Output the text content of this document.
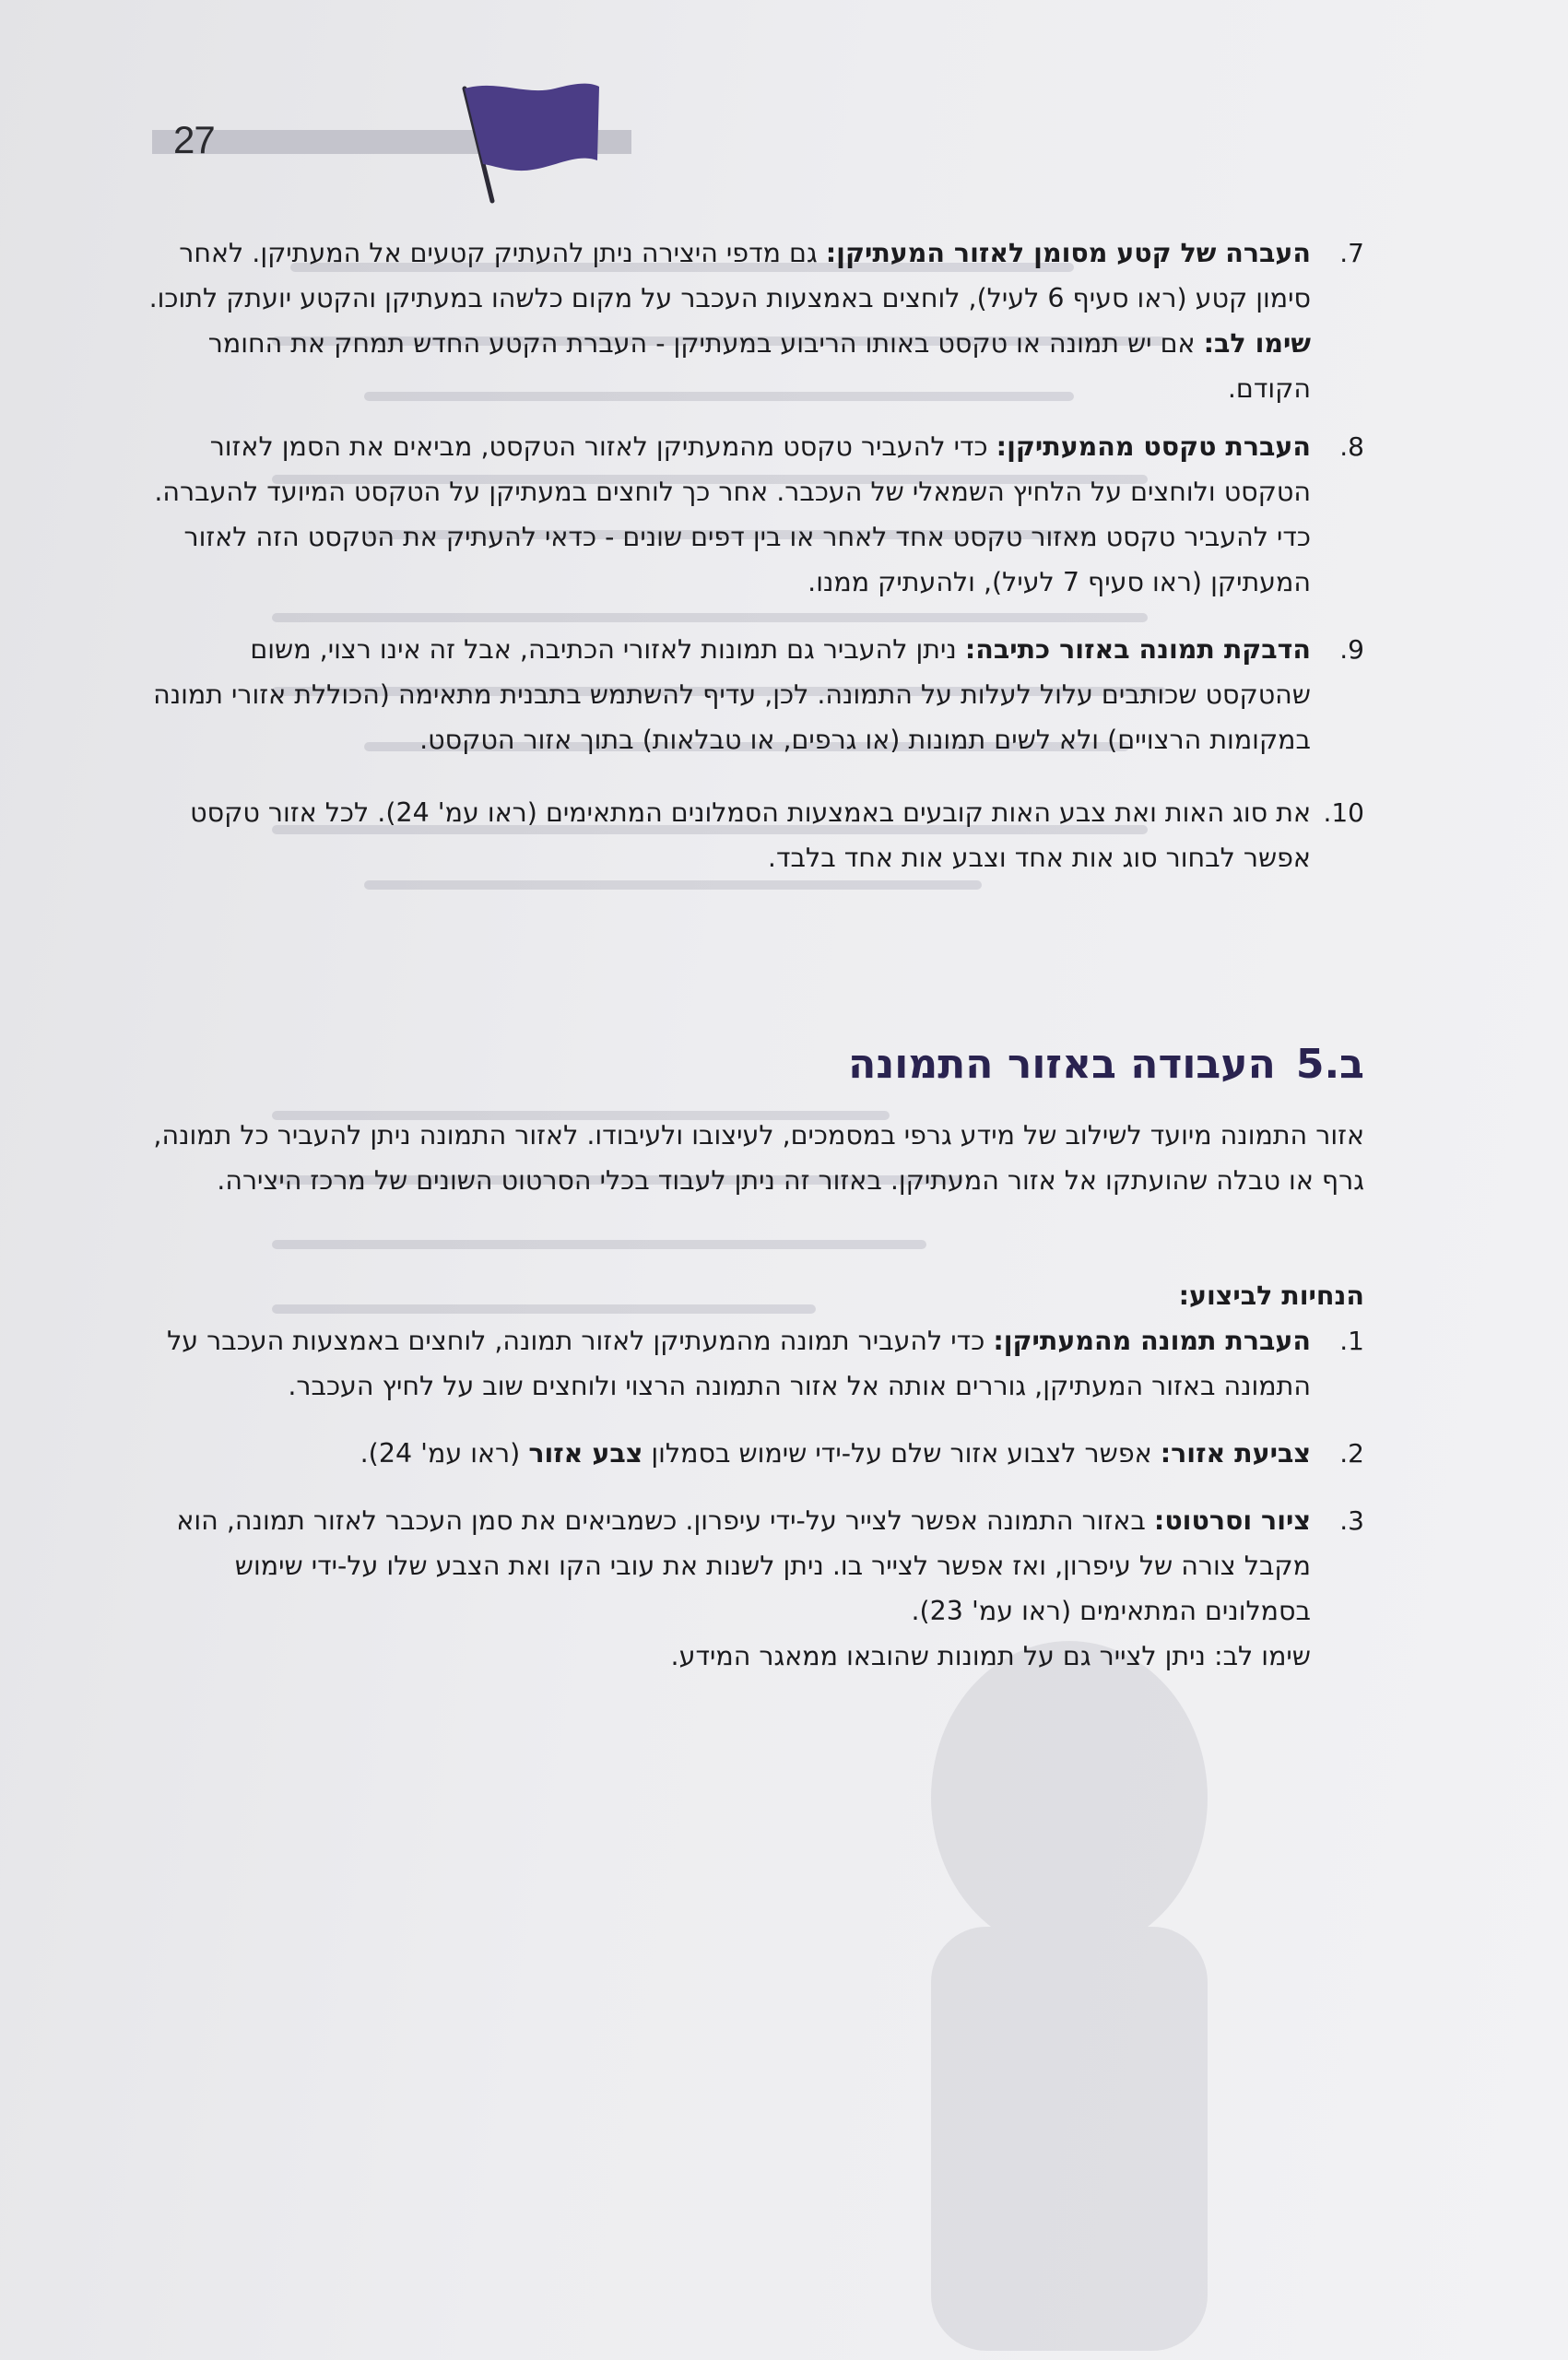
27
.7
העברה של קטע מסומן לאזור המעתיקן: גם מדפי היצירה ניתן להעתיק קטעים אל המעתיקן. לאחר סימון קטע (ראו סעיף 6 לעיל), לוחצים באמצעות העכבר על מקום כלשהו במעתיקן והקטע יועתק לתוכו.
שימו לב: אם יש תמונה או טקסט באותו הריבוע במעתיקן - העברת הקטע החדש תמחק את החומר הקודם.
.8
העברת טקסט מהמעתיקן: כדי להעביר טקסט מהמעתיקן לאזור הטקסט, מביאים את הסמן לאזור הטקסט ולוחצים על הלחיץ השמאלי של העכבר. אחר כך לוחצים במעתיקן על הטקסט המיועד להעברה.
כדי להעביר טקסט מאזור טקסט אחד לאחר או בין דפים שונים - כדאי להעתיק את הטקסט הזה לאזור המעתיקן (ראו סעיף 7 לעיל), ולהעתיק ממנו.
.9
הדבקת תמונה באזור כתיבה: ניתן להעביר גם תמונות לאזורי הכתיבה, אבל זה אינו רצוי, משום שהטקסט שכותבים עלול לעלות על התמונה. לכן, עדיף להשתמש בתבנית מתאימה (הכוללת אזורי תמונה במקומות הרצויים) ולא לשים תמונות (או גרפים, או טבלאות) בתוך אזור הטקסט.
.10
את סוג האות ואת צבע האות קובעים באמצעות הסמלונים המתאימים (ראו עמ' 24). לכל אזור טקסט אפשר לבחור סוג אות אחד וצבע אות אחד בלבד.
ב.5העבודה באזור התמונה
אזור התמונה מיועד לשילוב של מידע גרפי במסמכים, לעיצובו ולעיבודו. לאזור התמונה ניתן להעביר כל תמונה, גרף או טבלה שהועתקו אל אזור המעתיקן. באזור זה ניתן לעבוד בכלי הסרטוט השונים של מרכז היצירה.
הנחיות לביצוע:
.1
העברת תמונה מהמעתיקן: כדי להעביר תמונה מהמעתיקן לאזור תמונה, לוחצים באמצעות העכבר על התמונה באזור המעתיקן, גוררים אותה אל אזור התמונה הרצוי ולוחצים שוב על לחיץ העכבר.
.2
צביעת אזור: אפשר לצבוע אזור שלם על-ידי שימוש בסמלון צבע אזור (ראו עמ' 24).
.3
ציור וסרטוט: באזור התמונה אפשר לצייר על-ידי עיפרון. כשמביאים את סמן העכבר לאזור תמונה, הוא מקבל צורה של עיפרון, ואז אפשר לצייר בו. ניתן לשנות את עובי הקו ואת הצבע שלו על-ידי שימוש בסמלונים המתאימים (ראו עמ' 23).
שימו לב: ניתן לצייר גם על תמונות שהובאו ממאגר המידע.
